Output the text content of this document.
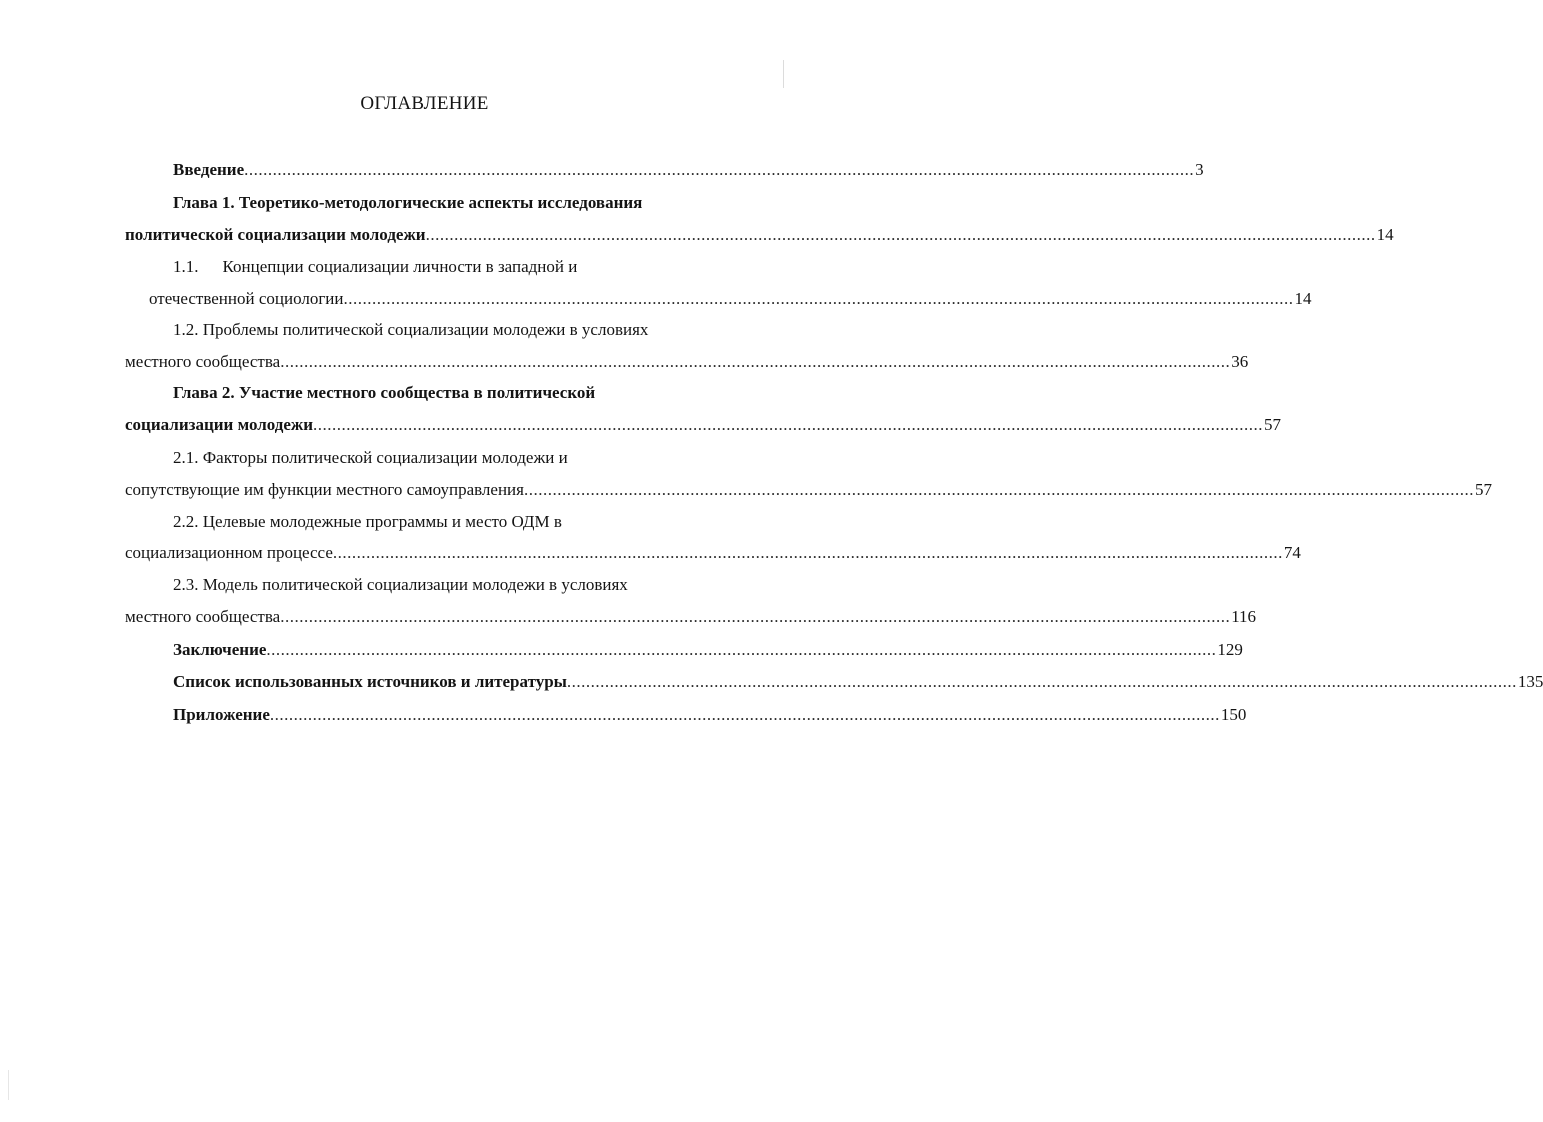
ОГЛАВЛЕНИЕ
Введение ........................................................................................................................................................................................................ 3
Глава 1. Теоретико-методологические аспекты исследования
политической социализации молодежи ........................................................................................................................................................................................................ 14
1.1. Концепции социализации личности в западной и
отечественной социологии ........................................................................................................................................................................................................ 14
1.2. Проблемы политической социализации молодежи в условиях
местного сообщества ........................................................................................................................................................................................................ 36
Глава 2. Участие местного сообщества в политической
социализации молодежи ........................................................................................................................................................................................................ 57
2.1. Факторы политической социализации молодежи и
сопутствующие им функции местного самоуправления ........................................................................................................................................................................................................ 57
2.2. Целевые молодежные программы и место ОДМ в
социализационном процессе ........................................................................................................................................................................................................ 74
2.3. Модель политической социализации молодежи в условиях
местного сообщества ........................................................................................................................................................................................................ 116
Заключение ........................................................................................................................................................................................................ 129
Список использованных источников и литературы ........................................................................................................................................................................................................ 135
Приложение ........................................................................................................................................................................................................ 150
